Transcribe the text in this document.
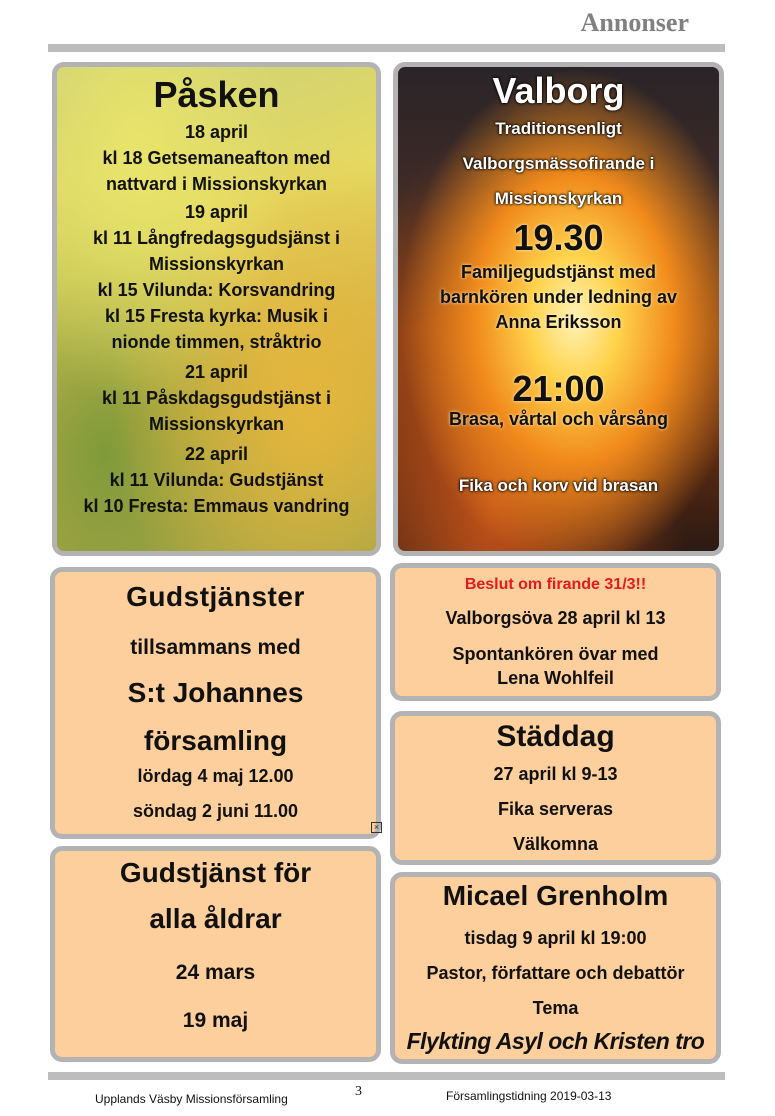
Annonser

Påsken

18 april

kl 18 Getsemaneafton med

nattvard i Missionskyrkan

19 april

kl 11 Långfredagsgudsjänst i

Missionskyrkan

kl 15 Vilunda: Korsvandring

kl 15 Fresta kyrka: Musik i

nionde timmen, stråktrio

21 april

kl 11 Påskdagsgudstjänst i

Missionskyrkan

22 april

kl 11 Vilunda: Gudstjänst

kl 10 Fresta: Emmaus vandring

Valborg

Traditionsenligt

Valborgsmässofirande i

Missionskyrkan

19.30

Familjegudstjänst med

barnkören under ledning av

Anna Eriksson

21:00

Brasa, vårtal och vårsång

Fika och korv vid brasan

Gudstjänster

tillsammans med

S:t Johannes

församling

lördag 4 maj 12.00

söndag 2 juni 11.00

×

Beslut om firande 31/3!!

Valborgsöva 28 april kl 13

Spontankören övar med

Lena Wohlfeil

Städdag

27 april kl 9-13

Fika serveras

Välkomna

Gudstjänst för

alla åldrar

24 mars

19 maj

Micael Grenholm

tisdag 9 april kl 19:00

Pastor, författare och debattör

Tema

Flykting Asyl och Kristen tro

Upplands Väsby Missionsförsamling	3	Församlingstidning 2019-03-13
